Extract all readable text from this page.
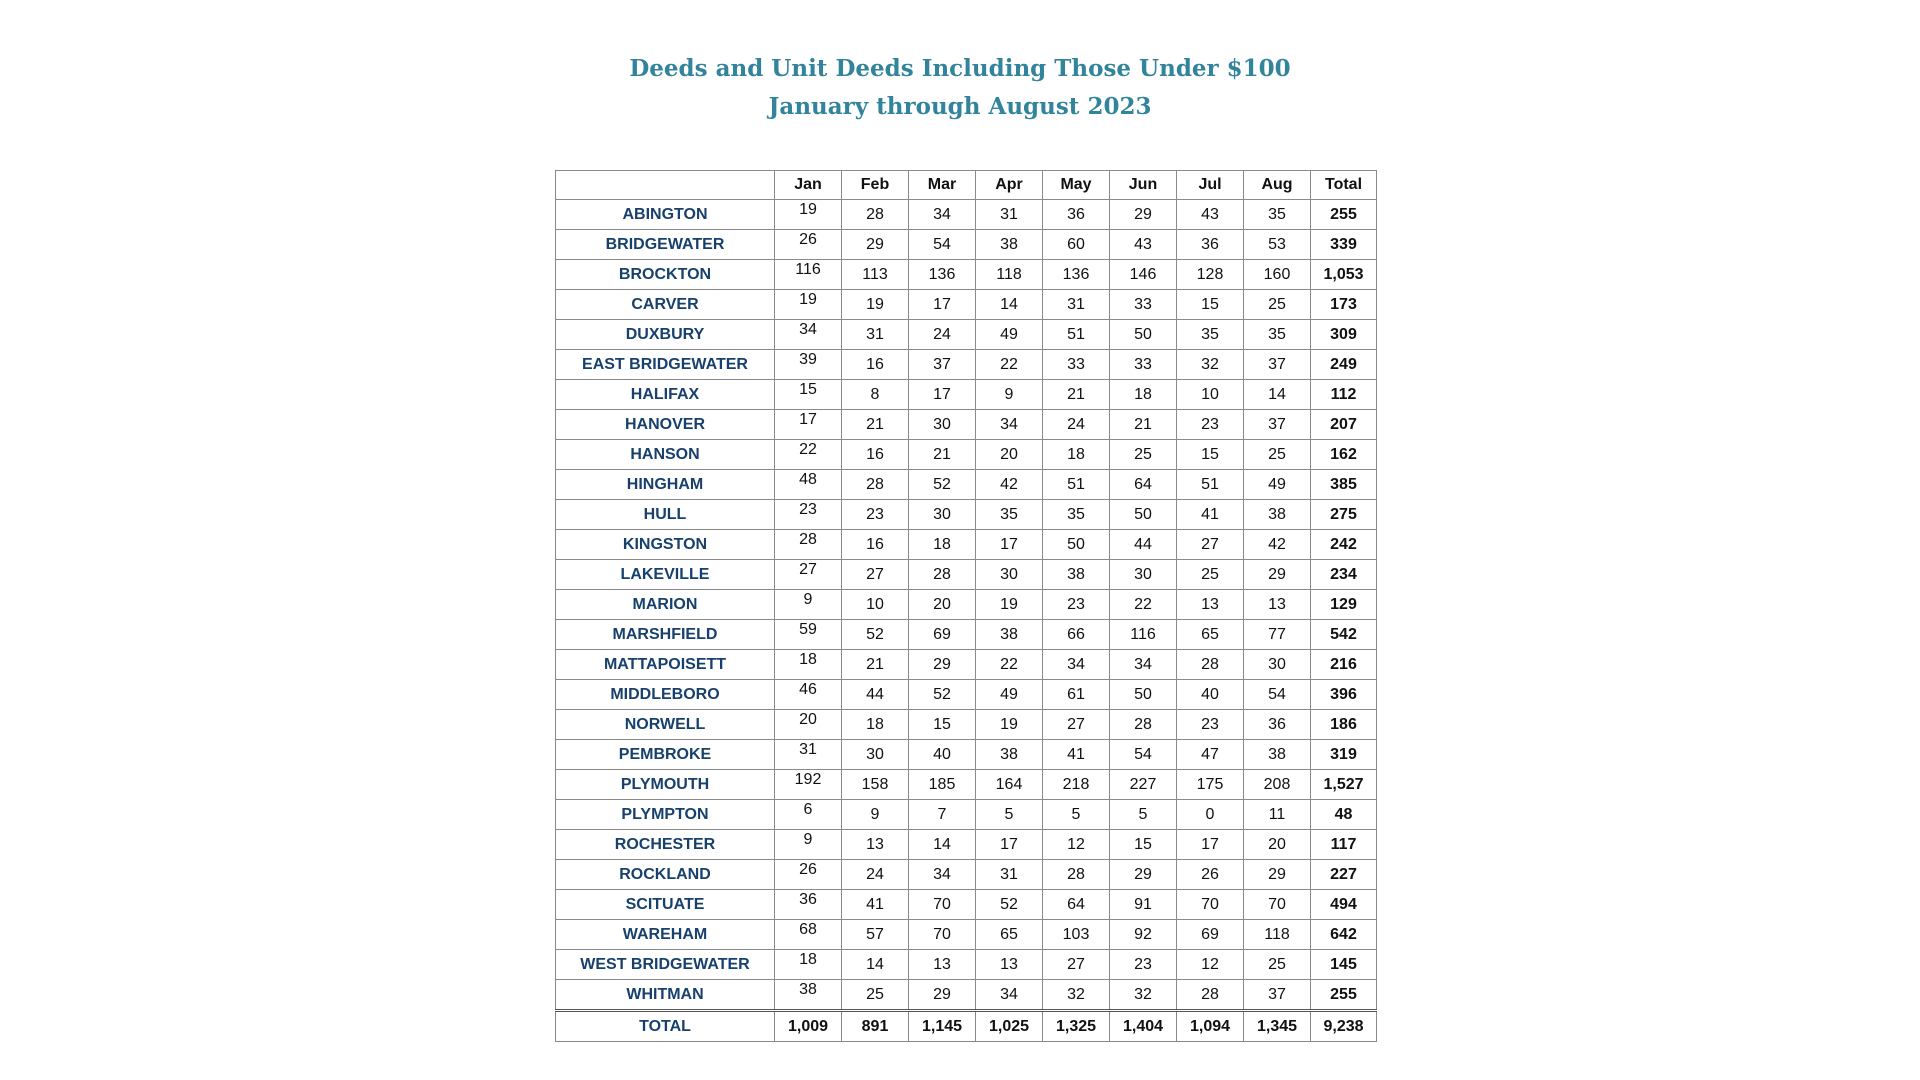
Deeds and Unit Deeds Including Those Under $100
January through August 2023
	Jan	Feb	Mar	Apr	May	Jun	Jul	Aug	Total
ABINGTON	19	28	34	31	36	29	43	35	255
BRIDGEWATER	26	29	54	38	60	43	36	53	339
BROCKTON	116	113	136	118	136	146	128	160	1,053
CARVER	19	19	17	14	31	33	15	25	173
DUXBURY	34	31	24	49	51	50	35	35	309
EAST BRIDGEWATER	39	16	37	22	33	33	32	37	249
HALIFAX	15	8	17	9	21	18	10	14	112
HANOVER	17	21	30	34	24	21	23	37	207
HANSON	22	16	21	20	18	25	15	25	162
HINGHAM	48	28	52	42	51	64	51	49	385
HULL	23	23	30	35	35	50	41	38	275
KINGSTON	28	16	18	17	50	44	27	42	242
LAKEVILLE	27	27	28	30	38	30	25	29	234
MARION	9	10	20	19	23	22	13	13	129
MARSHFIELD	59	52	69	38	66	116	65	77	542
MATTAPOISETT	18	21	29	22	34	34	28	30	216
MIDDLEBORO	46	44	52	49	61	50	40	54	396
NORWELL	20	18	15	19	27	28	23	36	186
PEMBROKE	31	30	40	38	41	54	47	38	319
PLYMOUTH	192	158	185	164	218	227	175	208	1,527
PLYMPTON	6	9	7	5	5	5	0	11	48
ROCHESTER	9	13	14	17	12	15	17	20	117
ROCKLAND	26	24	34	31	28	29	26	29	227
SCITUATE	36	41	70	52	64	91	70	70	494
WAREHAM	68	57	70	65	103	92	69	118	642
WEST BRIDGEWATER	18	14	13	13	27	23	12	25	145
WHITMAN	38	25	29	34	32	32	28	37	255
TOTAL	1,009	891	1,145	1,025	1,325	1,404	1,094	1,345	9,238
